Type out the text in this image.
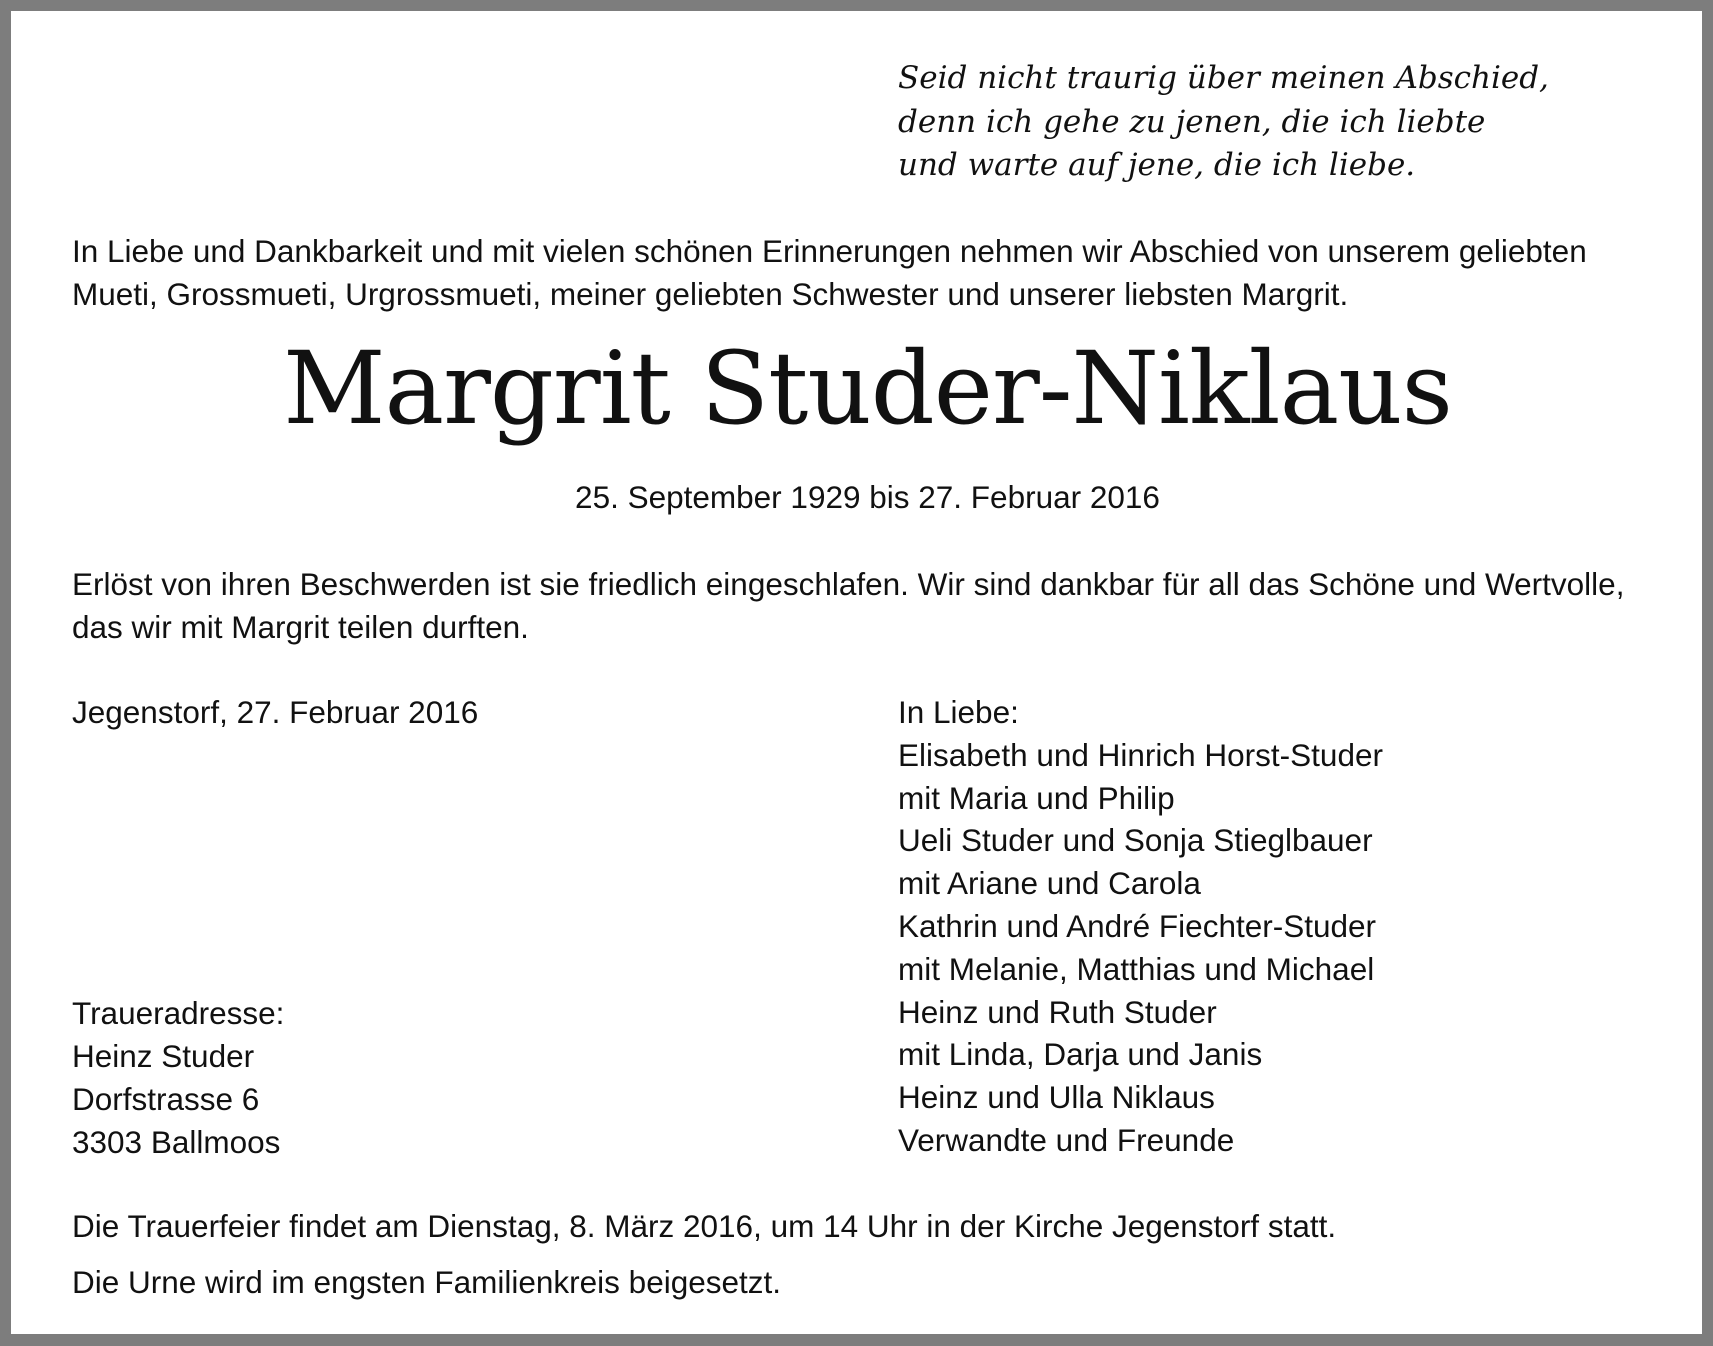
Seid nicht traurig über meinen Abschied,
denn ich gehe zu jenen, die ich liebte
und warte auf jene, die ich liebe.
In Liebe und Dankbarkeit und mit vielen schönen Erinnerungen nehmen wir Abschied von unserem geliebten
Mueti, Grossmueti, Urgrossmueti, meiner geliebten Schwester und unserer liebsten Margrit.
Margrit Studer-Niklaus
25. September 1929 bis 27. Februar 2016
Erlöst von ihren Beschwerden ist sie friedlich eingeschlafen. Wir sind dankbar für all das Schöne und Wertvolle,
das wir mit Margrit teilen durften.
Jegenstorf, 27. Februar 2016
Traueradresse:
Heinz Studer
Dorfstrasse 6
3303 Ballmoos
In Liebe:
Elisabeth und Hinrich Horst-Studer
mit Maria und Philip
Ueli Studer und Sonja Stieglbauer
mit Ariane und Carola
Kathrin und André Fiechter-Studer
mit Melanie, Matthias und Michael
Heinz und Ruth Studer
mit Linda, Darja und Janis
Heinz und Ulla Niklaus
Verwandte und Freunde
Die Trauerfeier findet am Dienstag, 8. März 2016, um 14 Uhr in der Kirche Jegenstorf statt.
Die Urne wird im engsten Familienkreis beigesetzt.
